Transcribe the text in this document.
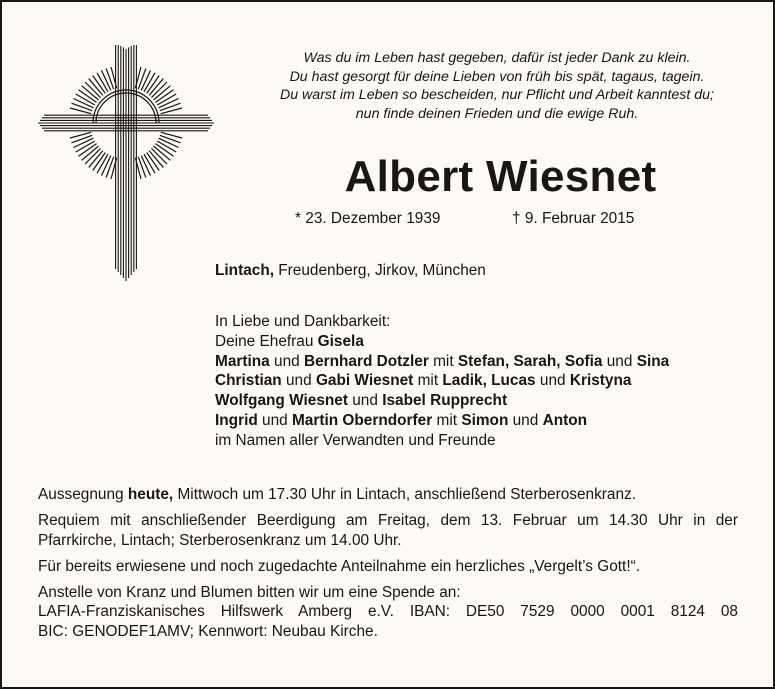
Was du im Leben hast gegeben, dafür ist jeder Dank zu klein.
Du hast gesorgt für deine Lieben von früh bis spät, tagaus, tagein.
Du warst im Leben so bescheiden, nur Pflicht und Arbeit kanntest du;
nun finde deinen Frieden und die ewige Ruh.
Albert Wiesnet
* 23. Dezember 1939	† 9. Februar 2015
Lintach, Freudenberg, Jirkov, München
In Liebe und Dankbarkeit:
Deine Ehefrau Gisela
Martina und Bernhard Dotzler mit Stefan, Sarah, Sofia und Sina
Christian und Gabi Wiesnet mit Ladik, Lucas und Kristyna
Wolfgang Wiesnet und Isabel Rupprecht
Ingrid und Martin Oberndorfer mit Simon und Anton
im Namen aller Verwandten und Freunde

Aussegnung heute, Mittwoch um 17.30 Uhr in Lintach, anschließend Sterberosenkranz.

Requiem mit anschließender Beerdigung am Freitag, dem 13. Februar um 14.30 Uhr in der Pfarrkirche, Lintach; Sterberosenkranz um 14.00 Uhr.

Für bereits erwiesene und noch zugedachte Anteilnahme ein herzliches „Vergelt’s Gott!“.

Anstelle von Kranz und Blumen bitten wir um eine Spende an:
LAFIA-Franziskanisches Hilfswerk Amberg e.V. IBAN: DE50 7529 0000 0001 8124 08
BIC: GENODEF1AMV; Kennwort: Neubau Kirche.
